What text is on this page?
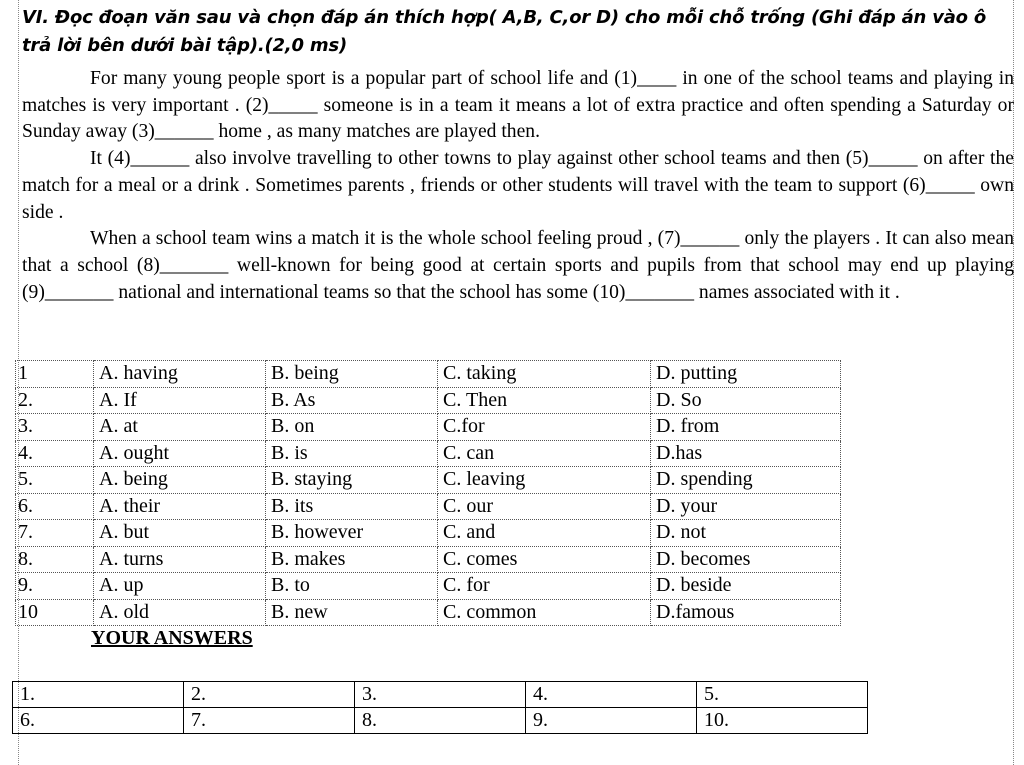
VI. Đọc đoạn văn sau và chọn đáp án thích hợp( A,B, C,or D) cho mỗi chỗ trống (Ghi đáp án vào ô trả lời bên dưới bài tập).(2,0 ms)

For many young people sport is a popular part of school life and (1)____ in one of the school teams and playing in matches is very important . (2)_____ someone is in a team it means a lot of extra practice and often spending a Saturday or Sunday away (3)______ home , as many matches are played then.

It (4)______ also involve travelling to other towns to play against other school teams and then (5)_____ on after the match for a meal or a drink . Sometimes parents , friends or other students will travel with the team to support (6)_____ own side .

When a school team wins a match it is the whole school feeling proud , (7)______ only the players . It can also mean that a school (8)_______ well-known for being good at certain sports and pupils from that school may end up playing (9)_______ national and international teams so that the school has some (10)_______ names associated with it .

1	A. having	B. being	C. taking	D. putting
2.	A. If	B. As	C. Then	D. So
3.	A. at	B. on	C.for	D. from
4.	A. ought	B. is	C. can	D.has
5.	A. being	B. staying	C. leaving	D. spending
6.	A. their	B. its	C. our	D. your
7.	A. but	B. however	C. and	D. not
8.	A. turns	B. makes	C. comes	D. becomes
9.	A. up	B. to	C. for	D. beside
10	A. old	B. new	C. common	D.famous
YOUR ANSWERS
1.	2.	3.	4.	5.
6.	7.	8.	9.	10.
